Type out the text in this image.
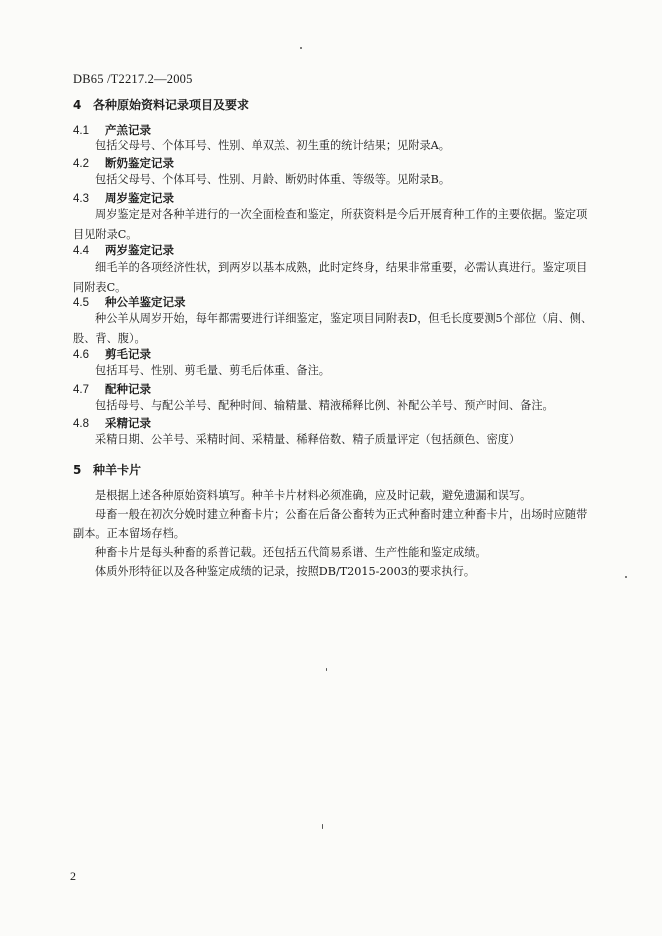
DB65 /T2217.2—2005
4 各种原始资料记录项目及要求
4.1 产羔记录
包括父母号、个体耳号、性别、单双羔、初生重的统计结果；见附录A。
4.2 断奶鉴定记录
包括父母号、个体耳号、性别、月龄、断奶时体重、等级等。见附录B。
4.3 周岁鉴定记录
周岁鉴定是对各种羊进行的一次全面检查和鉴定，所获资料是今后开展育种工作的主要依据。鉴定项目见附录C。
4.4 两岁鉴定记录
细毛羊的各项经济性状，到两岁以基本成熟，此时定终身，结果非常重要，必需认真进行。鉴定项目同附表C。
4.5 种公羊鉴定记录
种公羊从周岁开始，每年都需要进行详细鉴定，鉴定项目同附表D，但毛长度要测5个部位（肩、侧、股、背、腹）。
4.6 剪毛记录
包括耳号、性别、剪毛量、剪毛后体重、备注。
4.7 配种记录
包括母号、与配公羊号、配种时间、输精量、精液稀释比例、补配公羊号、预产时间、备注。
4.8 采精记录
采精日期、公羊号、采精时间、采精量、稀释倍数、精子质量评定（包括颜色、密度）
5 种羊卡片
是根据上述各种原始资料填写。种羊卡片材料必须准确，应及时记载，避免遗漏和误写。
母畜一般在初次分娩时建立种畜卡片；公畜在后备公畜转为正式种畜时建立种畜卡片，出场时应随带副本。正本留场存档。
种畜卡片是每头种畜的系普记载。还包括五代简易系谱、生产性能和鉴定成绩。
体质外形特征以及各种鉴定成绩的记录，按照DB/T2015-2003的要求执行。
2
